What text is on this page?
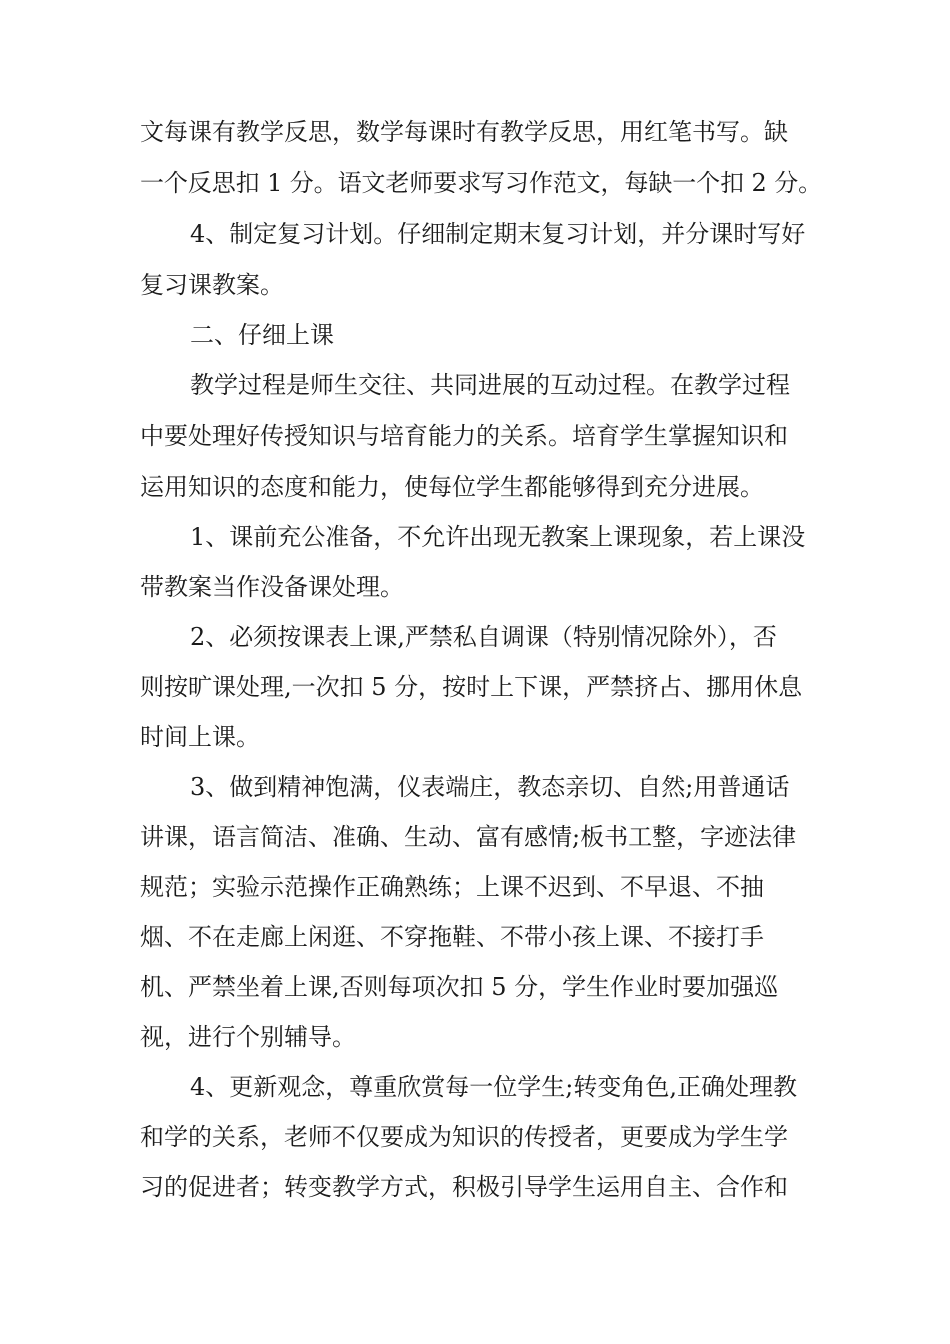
文每课有教学反思，数学每课时有教学反思，用红笔书写。缺
一个反思扣 1 分。语文老师要求写习作范文，每缺一个扣 2 分。
4、制定复习计划。仔细制定期末复习计划，并分课时写好
复习课教案。
二、仔细上课
教学过程是师生交往、共同进展的互动过程。在教学过程
中要处理好传授知识与培育能力的关系。培育学生掌握知识和
运用知识的态度和能力，使每位学生都能够得到充分进展。
1、课前充公准备，不允许出现无教案上课现象，若上课没
带教案当作没备课处理。
2、必须按课表上课,严禁私自调课（特别情况除外），否
则按旷课处理,一次扣 5 分，按时上下课，严禁挤占、挪用休息
时间上课。
3、做到精神饱满，仪表端庄，教态亲切、自然;用普通话
讲课，语言简洁、准确、生动、富有感情;板书工整，字迹法律
规范；实验示范操作正确熟练；上课不迟到、不早退、不抽
烟、不在走廊上闲逛、不穿拖鞋、不带小孩上课、不接打手
机、严禁坐着上课,否则每项次扣 5 分，学生作业时要加强巡
视，进行个别辅导。
4、更新观念，尊重欣赏每一位学生;转变角色,正确处理教
和学的关系，老师不仅要成为知识的传授者，更要成为学生学
习的促进者；转变教学方式，积极引导学生运用自主、合作和
